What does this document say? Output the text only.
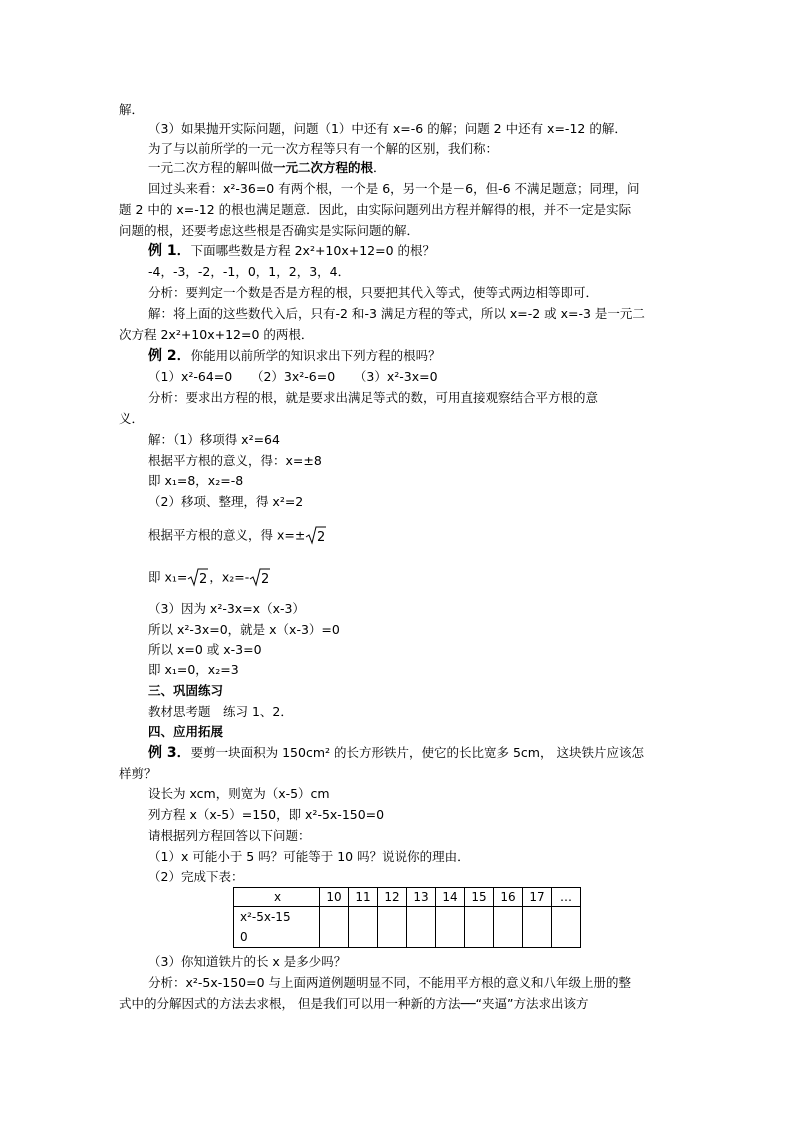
解．
（3）如果抛开实际问题，问题（1）中还有 x=-6 的解；问题 2 中还有 x=-12 的解．
为了与以前所学的一元一次方程等只有一个解的区别，我们称：
一元二次方程的解叫做一元二次方程的根．
回过头来看：x²-36=0 有两个根，一个是 6，另一个是－6，但-6 不满足题意；同理，问
题 2 中的 x=-12 的根也满足题意．因此，由实际问题列出方程并解得的根，并不一定是实际
问题的根，还要考虑这些根是否确实是实际问题的解．
例 1．下面哪些数是方程 2x²+10x+12=0 的根？
-4，-3，-2，-1，0，1，2，3，4．
分析：要判定一个数是否是方程的根，只要把其代入等式，使等式两边相等即可．
解：将上面的这些数代入后，只有-2 和-3 满足方程的等式，所以 x=-2 或 x=-3 是一元二
次方程 2x²+10x+12=0 的两根．
例 2．你能用以前所学的知识求出下列方程的根吗？
（1）x²-64=0　　（2）3x²-6=0　　（3）x²-3x=0
分析：要求出方程的根，就是要求出满足等式的数，可用直接观察结合平方根的意
义．
解：（1）移项得 x²=64
根据平方根的意义，得：x=±8
即 x₁=8，x₂=-8
（2）移项、整理，得 x²=2
根据平方根的意义，得 x=± 2
即 x₁= 2 ，x₂=- 2
（3）因为 x²-3x=x（x-3）
所以 x²-3x=0，就是 x（x-3）=0
所以 x=0 或 x-3=0
即 x₁=0，x₂=3
三、巩固练习
教材思考题　练习 1、2．
四、应用拓展
例 3．要剪一块面积为 150cm² 的长方形铁片，使它的长比宽多 5cm， 这块铁片应该怎
样剪？
设长为 xcm，则宽为（x-5）cm
列方程 x（x-5）=150，即 x²-5x-150=0
请根据列方程回答以下问题：
（1）x 可能小于 5 吗？可能等于 10 吗？说说你的理由．
（2）完成下表：
x	10	11	12	13	14	15	16	17	…
x²-5x-15
0									
（3）你知道铁片的长 x 是多少吗？
分析：x²-5x-150=0 与上面两道例题明显不同，不能用平方根的意义和八年级上册的整
式中的分解因式的方法去求根， 但是我们可以用一种新的方法──“夹逼”方法求出该方
